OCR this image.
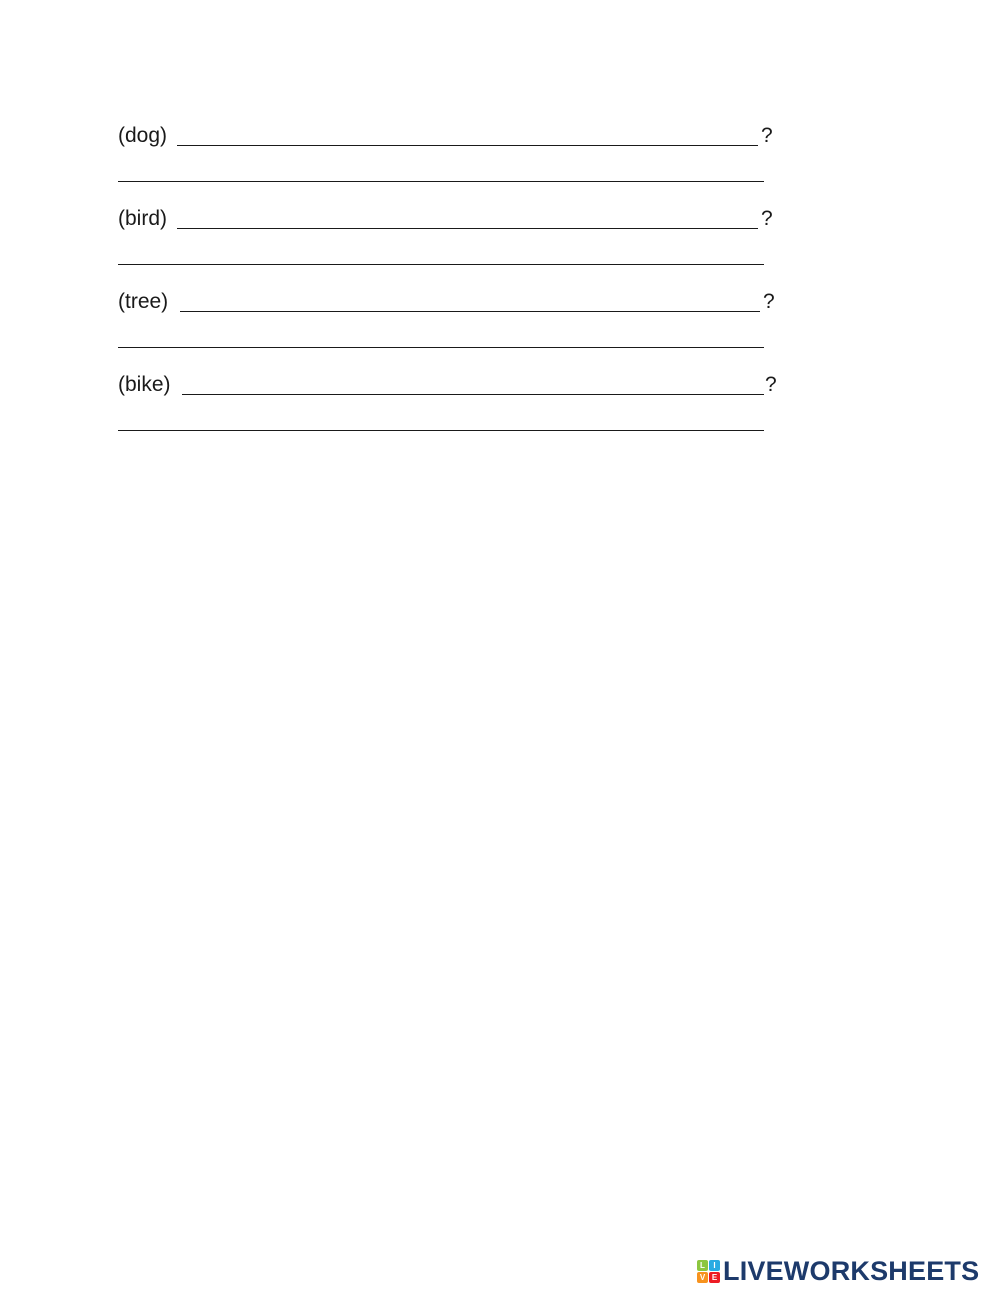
(dog)	?
(bird)	?
(tree)	?
(bike)	?
L	I
V E LIVEWORKSHEETS
